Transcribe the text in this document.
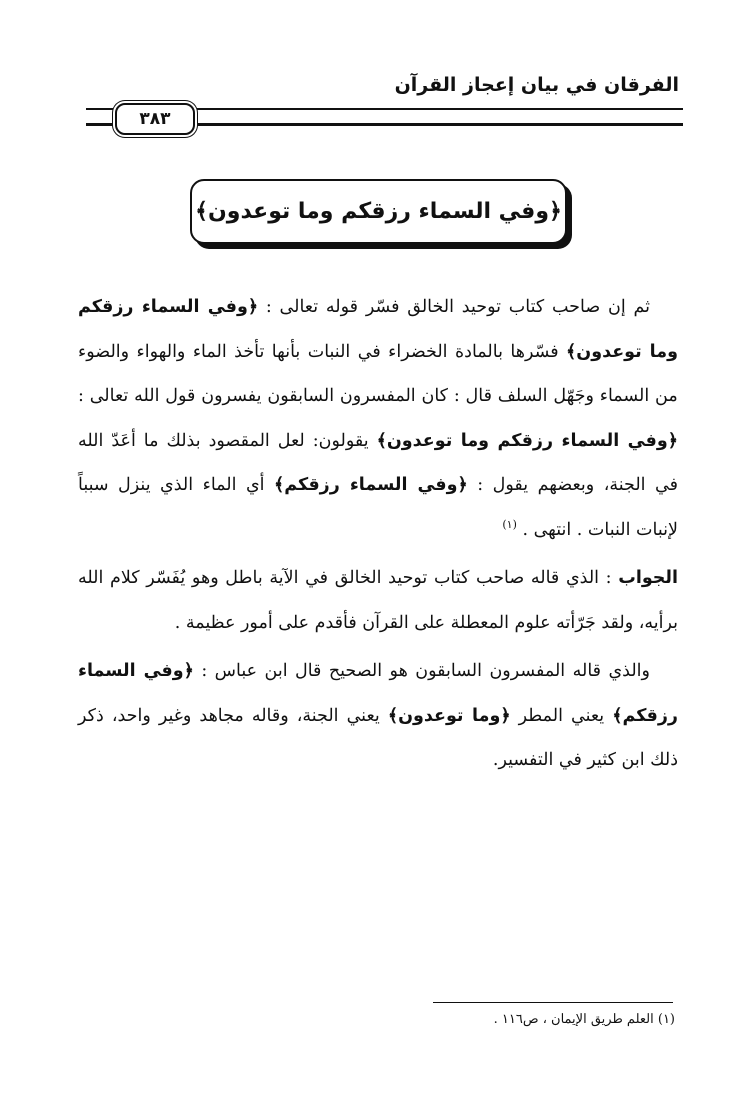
الفرقان في بيان إعجاز القرآن
٣٨٣
﴿وفي السماء رزقكم وما توعدون﴾

ثم إن صاحب كتاب توحيد الخالق فسّر قوله تعالى : ﴿وفي السماء رزقكم وما توعدون﴾ فسّرها بالمادة الخضراء في النبات بأنها تأخذ الماء والهواء والضوء من السماء وجَهّل السلف قال : كان المفسرون السابقون يفسرون قول الله تعالى : ﴿وفي السماء رزقكم وما توعدون﴾ يقولون: لعل المقصود بذلك ما أعَدّ الله في الجنة، وبعضهم يقول : ﴿وفي السماء رزقكم﴾ أي الماء الذي ينزل سبباً لإنبات النبات . انتهى . $^{(١)}$

الجواب : الذي قاله صاحب كتاب توحيد الخالق في الآية باطل وهو يُفَسّر كلام الله برأيه، ولقد جَرّأته علوم المعطلة على القرآن فأقدم على أمور عظيمة .

والذي قاله المفسرون السابقون هو الصحيح قال ابن عباس : ﴿وفي السماء رزقكم﴾ يعني المطر ﴿وما توعدون﴾ يعني الجنة، وقاله مجاهد وغير واحد، ذكر ذلك ابن كثير في التفسير.

(١) العلم طريق الإيمان ، ص١١٦ .
